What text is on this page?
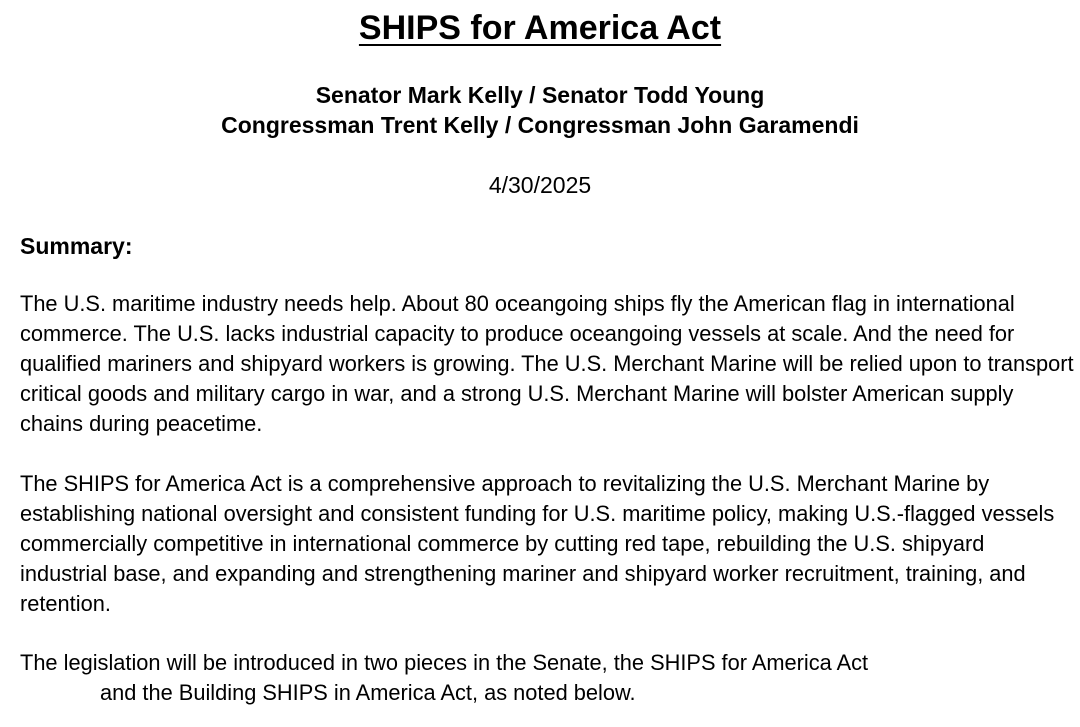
SHIPS for America Act
Senator Mark Kelly / Senator Todd Young
Congressman Trent Kelly / Congressman John Garamendi
4/30/2025
Summary:

The U.S. maritime industry needs help. About 80 oceangoing ships fly the American flag in international commerce. The U.S. lacks industrial capacity to produce oceangoing vessels at scale. And the need for qualified mariners and shipyard workers is growing. The U.S. Merchant Marine will be relied upon to transport critical goods and military cargo in war, and a strong U.S. Merchant Marine will bolster American supply chains during peacetime.

The SHIPS for America Act is a comprehensive approach to revitalizing the U.S. Merchant Marine by establishing national oversight and consistent funding for U.S. maritime policy, making U.S.-flagged vessels commercially competitive in international commerce by cutting red tape, rebuilding the U.S. shipyard industrial base, and expanding and strengthening mariner and shipyard worker recruitment, training, and retention.

The legislation will be introduced in two pieces in the Senate, the SHIPS for America Act
and the Building SHIPS in America Act, as noted below.
